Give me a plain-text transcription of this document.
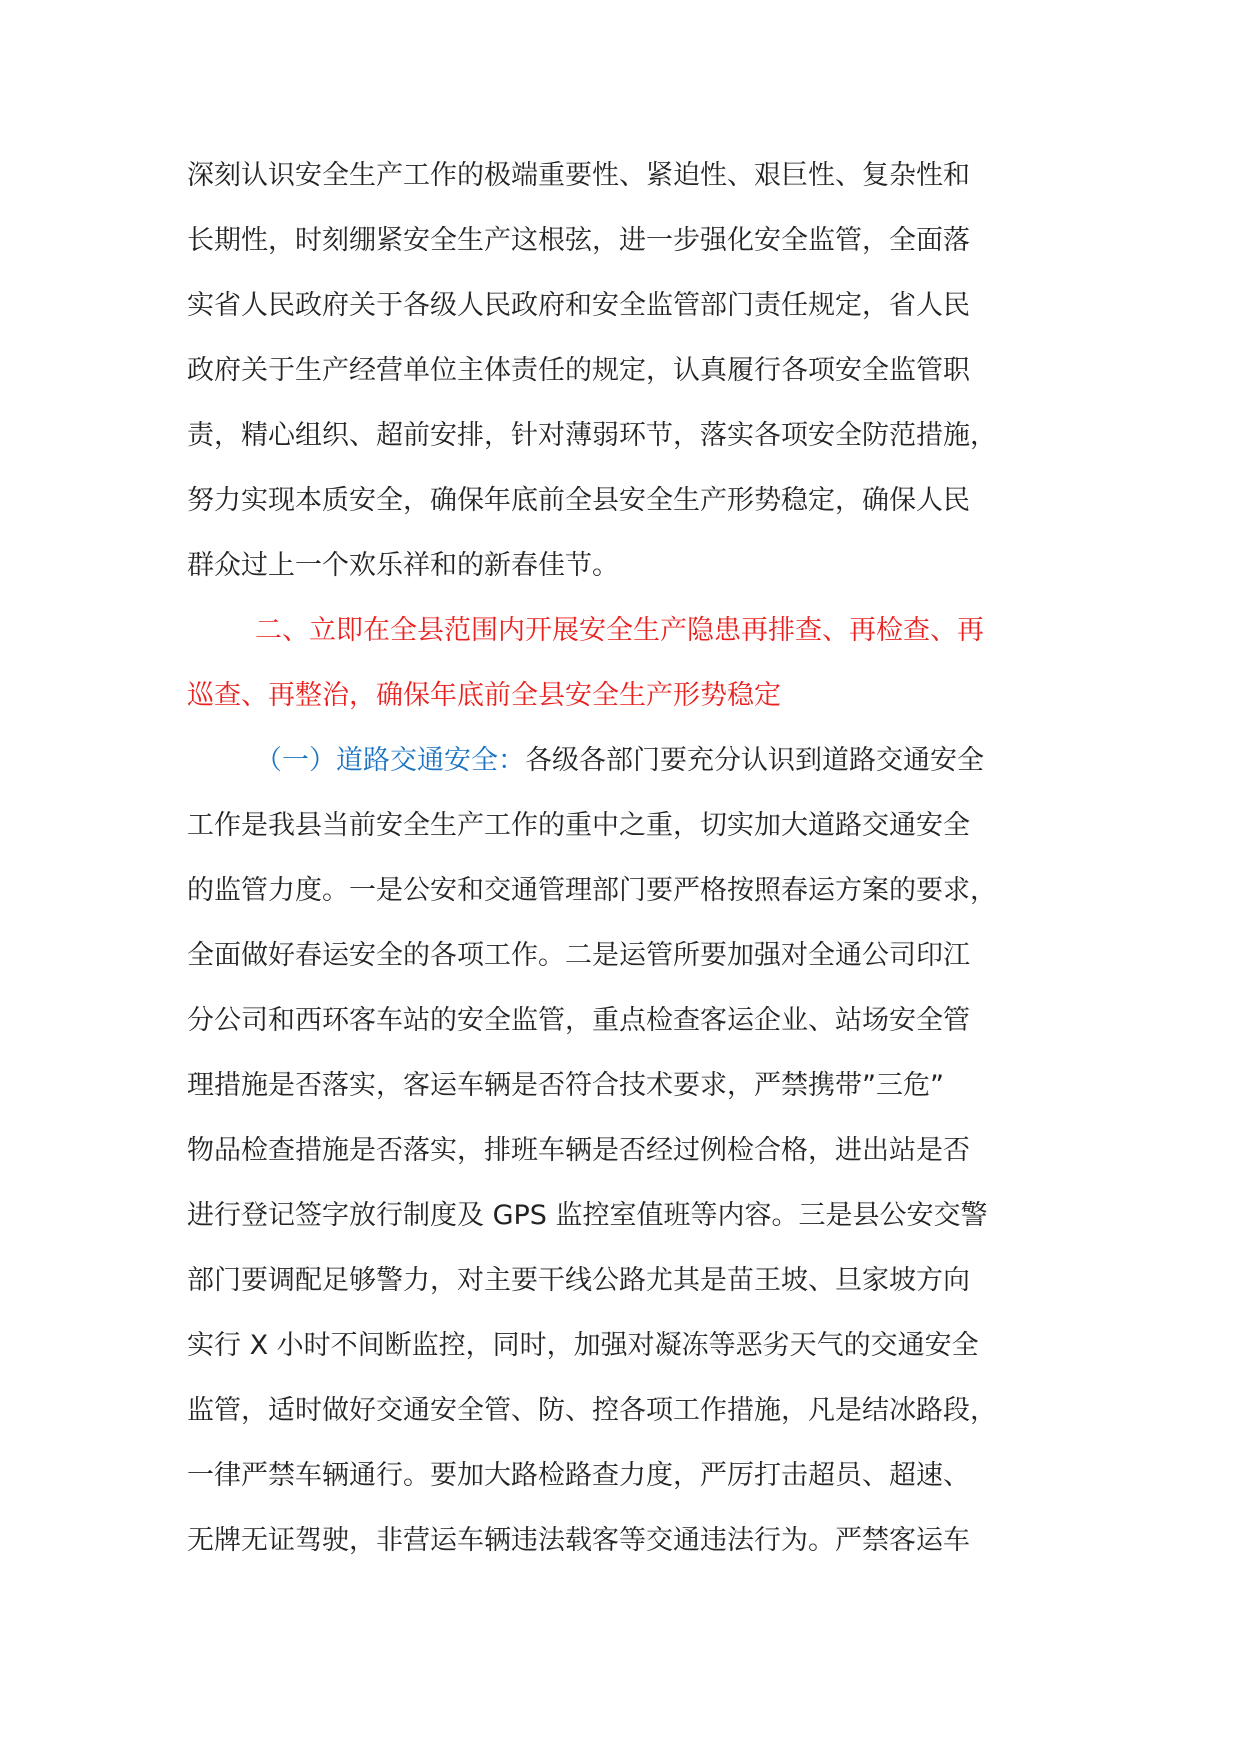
深刻认识安全生产工作的极端重要性、紧迫性、艰巨性、复杂性和
长期性，时刻绷紧安全生产这根弦，进一步强化安全监管，全面落
实省人民政府关于各级人民政府和安全监管部门责任规定，省人民
政府关于生产经营单位主体责任的规定，认真履行各项安全监管职
责，精心组织、超前安排，针对薄弱环节，落实各项安全防范措施，
努力实现本质安全，确保年底前全县安全生产形势稳定，确保人民
群众过上一个欢乐祥和的新春佳节。
二、立即在全县范围内开展安全生产隐患再排查、再检查、再
巡查、再整治，确保年底前全县安全生产形势稳定
（一）道路交通安全：各级各部门要充分认识到道路交通安全
工作是我县当前安全生产工作的重中之重，切实加大道路交通安全
的监管力度。一是公安和交通管理部门要严格按照春运方案的要求，
全面做好春运安全的各项工作。二是运管所要加强对全通公司印江
分公司和西环客车站的安全监管，重点检查客运企业、站场安全管
理措施是否落实，客运车辆是否符合技术要求，严禁携带”三危”
物品检查措施是否落实，排班车辆是否经过例检合格，进出站是否
进行登记签字放行制度及 GPS 监控室值班等内容。三是县公安交警
部门要调配足够警力，对主要干线公路尤其是苗王坡、旦家坡方向
实行 X 小时不间断监控，同时，加强对凝冻等恶劣天气的交通安全
监管，适时做好交通安全管、防、控各项工作措施，凡是结冰路段，
一律严禁车辆通行。要加大路检路查力度，严厉打击超员、超速、
无牌无证驾驶，非营运车辆违法载客等交通违法行为。严禁客运车
